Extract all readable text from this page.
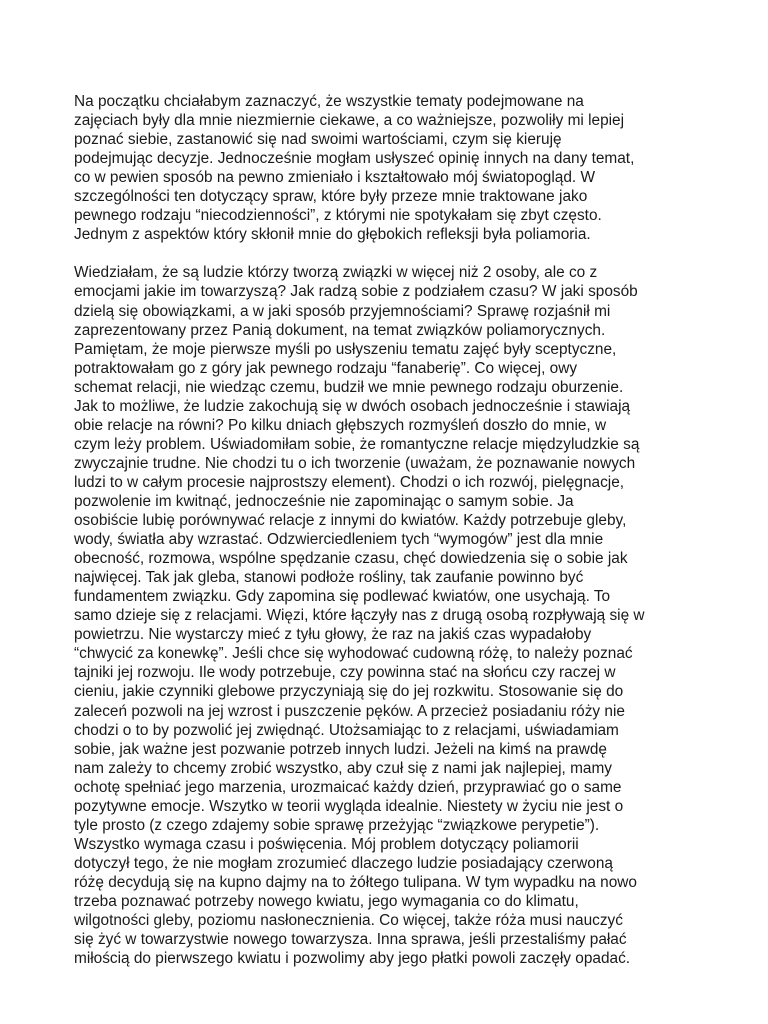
Na początku chciałabym zaznaczyć, że wszystkie tematy podejmowane na
zajęciach były dla mnie niezmiernie ciekawe, a co ważniejsze, pozwoliły mi lepiej
poznać siebie, zastanowić się nad swoimi wartościami, czym się kieruję
podejmując decyzje. Jednocześnie mogłam usłyszeć opinię innych na dany temat,
co w pewien sposób na pewno zmieniało i kształtowało mój światopogląd. W
szczególności ten dotyczący spraw, które były przeze mnie traktowane jako
pewnego rodzaju “niecodzienności”, z którymi nie spotykałam się zbyt często.
Jednym z aspektów który skłonił mnie do głębokich refleksji była poliamoria.
Wiedziałam, że są ludzie którzy tworzą związki w więcej niż 2 osoby, ale co z
emocjami jakie im towarzyszą? Jak radzą sobie z podziałem czasu? W jaki sposób
dzielą się obowiązkami, a w jaki sposób przyjemnościami? Sprawę rozjaśnił mi
zaprezentowany przez Panią dokument, na temat związków poliamorycznych.
Pamiętam, że moje pierwsze myśli po usłyszeniu tematu zajęć były sceptyczne,
potraktowałam go z góry jak pewnego rodzaju “fanaberię”. Co więcej, owy
schemat relacji, nie wiedząc czemu, budził we mnie pewnego rodzaju oburzenie.
Jak to możliwe, że ludzie zakochują się w dwóch osobach jednocześnie i stawiają
obie relacje na równi? Po kilku dniach głębszych rozmyśleń doszło do mnie, w
czym leży problem. Uświadomiłam sobie, że romantyczne relacje międzyludzkie są
zwyczajnie trudne. Nie chodzi tu o ich tworzenie (uważam, że poznawanie nowych
ludzi to w całym procesie najprostszy element). Chodzi o ich rozwój, pielęgnacje,
pozwolenie im kwitnąć, jednocześnie nie zapominając o samym sobie. Ja
osobiście lubię porównywać relacje z innymi do kwiatów. Każdy potrzebuje gleby,
wody, światła aby wzrastać. Odzwierciedleniem tych “wymogów” jest dla mnie
obecność, rozmowa, wspólne spędzanie czasu, chęć dowiedzenia się o sobie jak
najwięcej. Tak jak gleba, stanowi podłoże rośliny, tak zaufanie powinno być
fundamentem związku. Gdy zapomina się podlewać kwiatów, one usychają. To
samo dzieje się z relacjami. Więzi, które łączyły nas z drugą osobą rozpływają się w
powietrzu. Nie wystarczy mieć z tyłu głowy, że raz na jakiś czas wypadałoby
“chwycić za konewkę”. Jeśli chce się wyhodować cudowną różę, to należy poznać
tajniki jej rozwoju. Ile wody potrzebuje, czy powinna stać na słońcu czy raczej w
cieniu, jakie czynniki glebowe przyczyniają się do jej rozkwitu. Stosowanie się do
zaleceń pozwoli na jej wzrost i puszczenie pęków. A przecież posiadaniu róży nie
chodzi o to by pozwolić jej zwiędnąć. Utożsamiając to z relacjami, uświadamiam
sobie, jak ważne jest pozwanie potrzeb innych ludzi. Jeżeli na kimś na prawdę
nam zależy to chcemy zrobić wszystko, aby czuł się z nami jak najlepiej, mamy
ochotę spełniać jego marzenia, urozmaicać każdy dzień, przyprawiać go o same
pozytywne emocje. Wszytko w teorii wygląda idealnie. Niestety w życiu nie jest o
tyle prosto (z czego zdajemy sobie sprawę przeżyjąc “związkowe perypetie”).
Wszystko wymaga czasu i poświęcenia. Mój problem dotyczący poliamorii
dotyczył tego, że nie mogłam zrozumieć dlaczego ludzie posiadający czerwoną
różę decydują się na kupno dajmy na to żółtego tulipana. W tym wypadku na nowo
trzeba poznawać potrzeby nowego kwiatu, jego wymagania co do klimatu,
wilgotności gleby, poziomu nasłonecznienia. Co więcej, także róża musi nauczyć
się żyć w towarzystwie nowego towarzysza. Inna sprawa, jeśli przestaliśmy pałać
miłością do pierwszego kwiatu i pozwolimy aby jego płatki powoli zaczęły opadać.
